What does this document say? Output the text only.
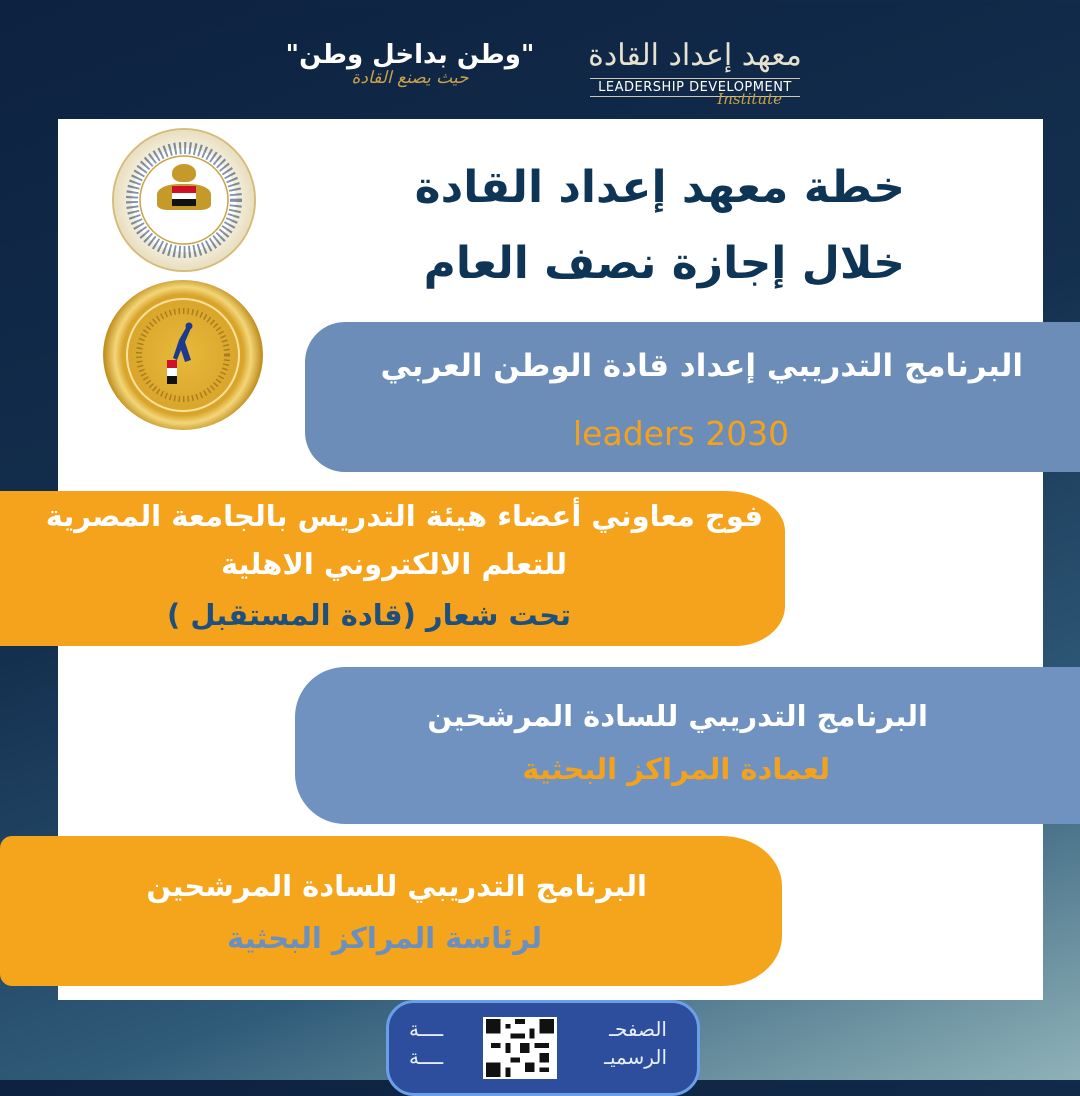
"وطن بداخل وطن"
حيث يصنع القادة
معهد إعداد القادة
LEADERSHIP DEVELOPMENT
Institute
خطة معهد إعداد القادة
خلال إجازة نصف العام
البرنامج التدريبي إعداد قادة الوطن العربي
leaders 2030
فوج معاوني أعضاء هيئة التدريس بالجامعة المصرية
للتعلم الالكتروني الاهلية
تحت شعار (قادة المستقبل )
البرنامج التدريبي للسادة المرشحين
لعمادة المراكز البحثية
البرنامج التدريبي للسادة المرشحين
لرئاسة المراكز البحثية
ــــة
ــــة
الصفحـ
الرسميـ
